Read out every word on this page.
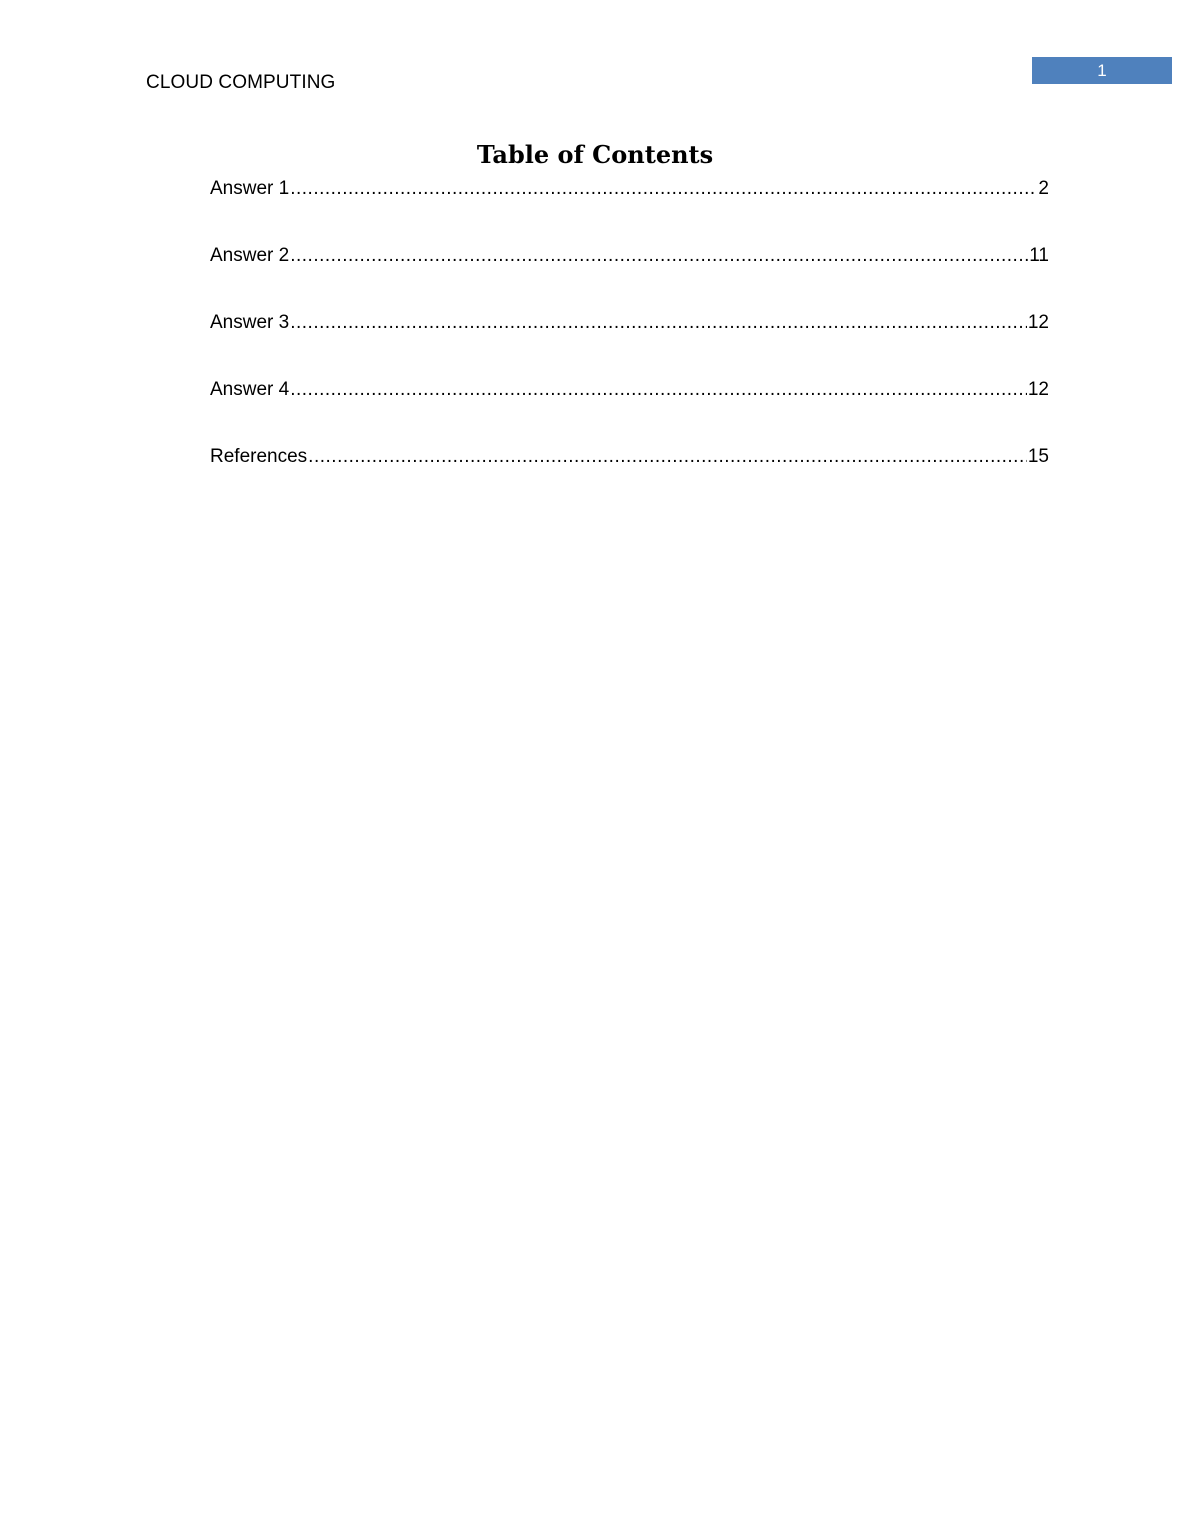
CLOUD COMPUTING
1
Table of Contents
Answer 1 .....	2
Answer 2 .....	11
Answer 3 .....	12
Answer 4 .....	12
References .....	15
